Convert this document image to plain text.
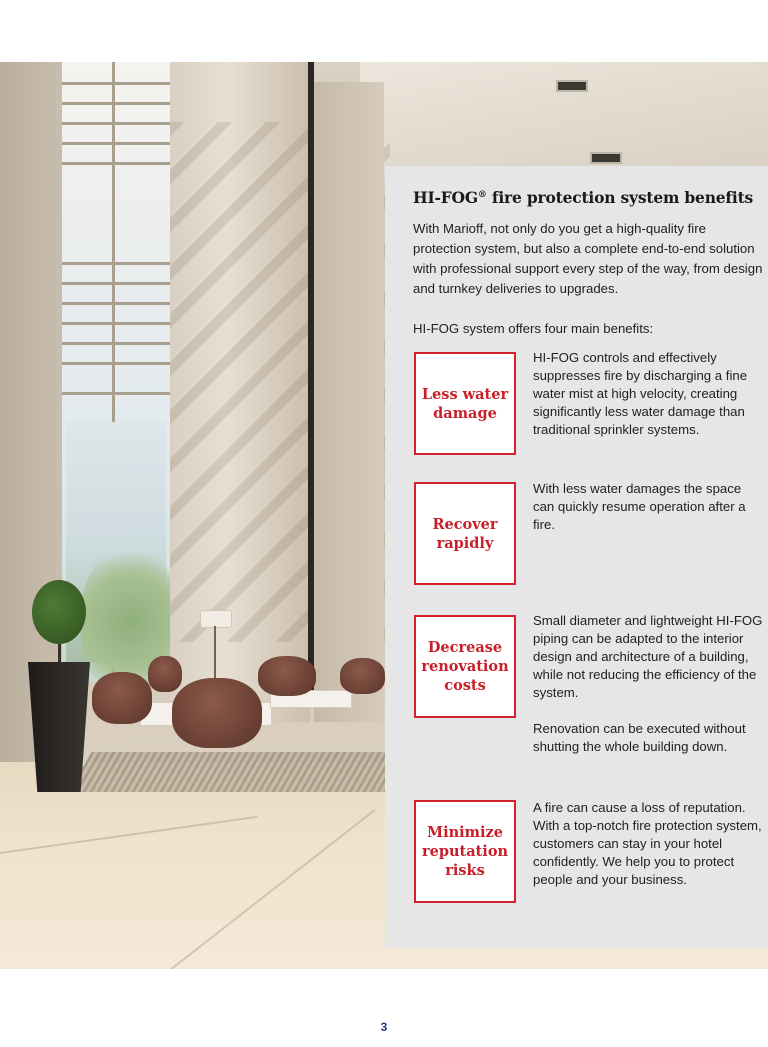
HI-FOG® fire protection system benefits

With Marioff, not only do you get a high-quality fire protection system, but also a complete end-to-end solution with professional support every step of the way, from design and turnkey deliveries to upgrades.

HI-FOG system offers four main benefits:

Less water damage

HI-FOG controls and effectively suppresses fire by discharging a fine water mist at high velocity, creating significantly less water damage than traditional sprinkler systems.

Recover rapidly

With less water damages the space can quickly resume operation after a fire.

Decrease renovation costs

Small diameter and lightweight HI-FOG piping can be adapted to the interior design and architecture of a building, while not reducing the efficiency of the system.

Renovation can be executed without shutting the whole building down.

Minimize reputation risks

A fire can cause a loss of reputation. With a top-notch fire protection system, customers can stay in your hotel confidently. We help you to protect people and your business.

3
